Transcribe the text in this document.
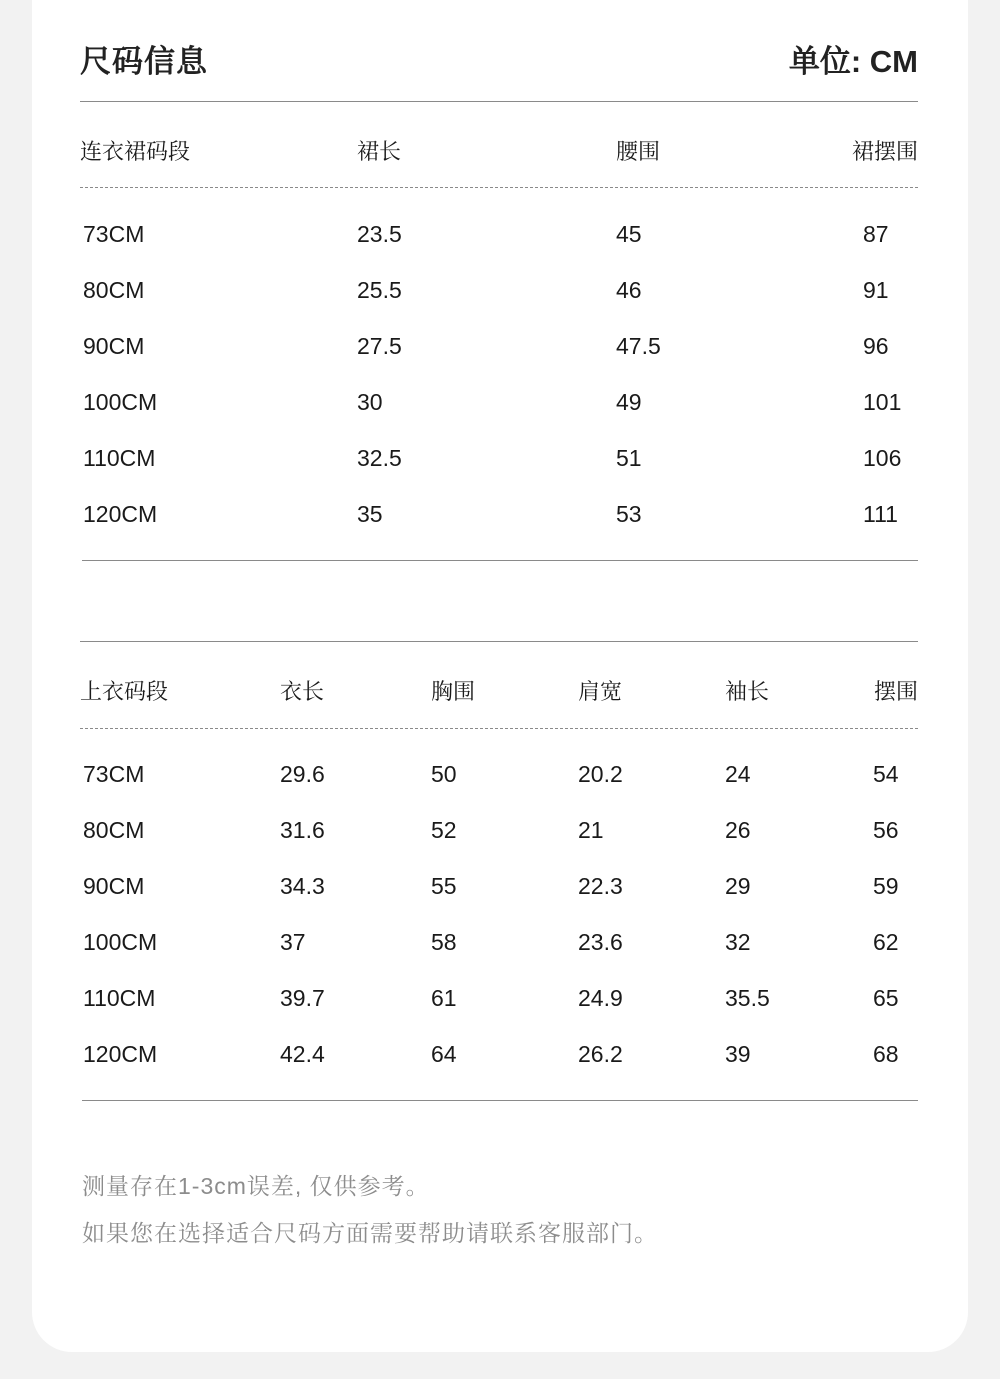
尺码信息	单位: CM
连衣裙码段	裙长	腰围	裙摆围
73CM	23.5	45	87
80CM	25.5	46	91
90CM	27.5	47.5	96
100CM	30	49	101
110CM	32.5	51	106
120CM	35	53	111
上衣码段	衣长	胸围	肩宽	袖长	摆围
73CM	29.6	50	20.2	24	54
80CM	31.6	52	21	26	56
90CM	34.3	55	22.3	29	59
100CM	37	58	23.6	32	62
110CM	39.7	61	24.9	35.5	65
120CM	42.4	64	26.2	39	68
测量存在1-3cm误差, 仅供参考。
如果您在选择适合尺码方面需要帮助请联系客服部门。
